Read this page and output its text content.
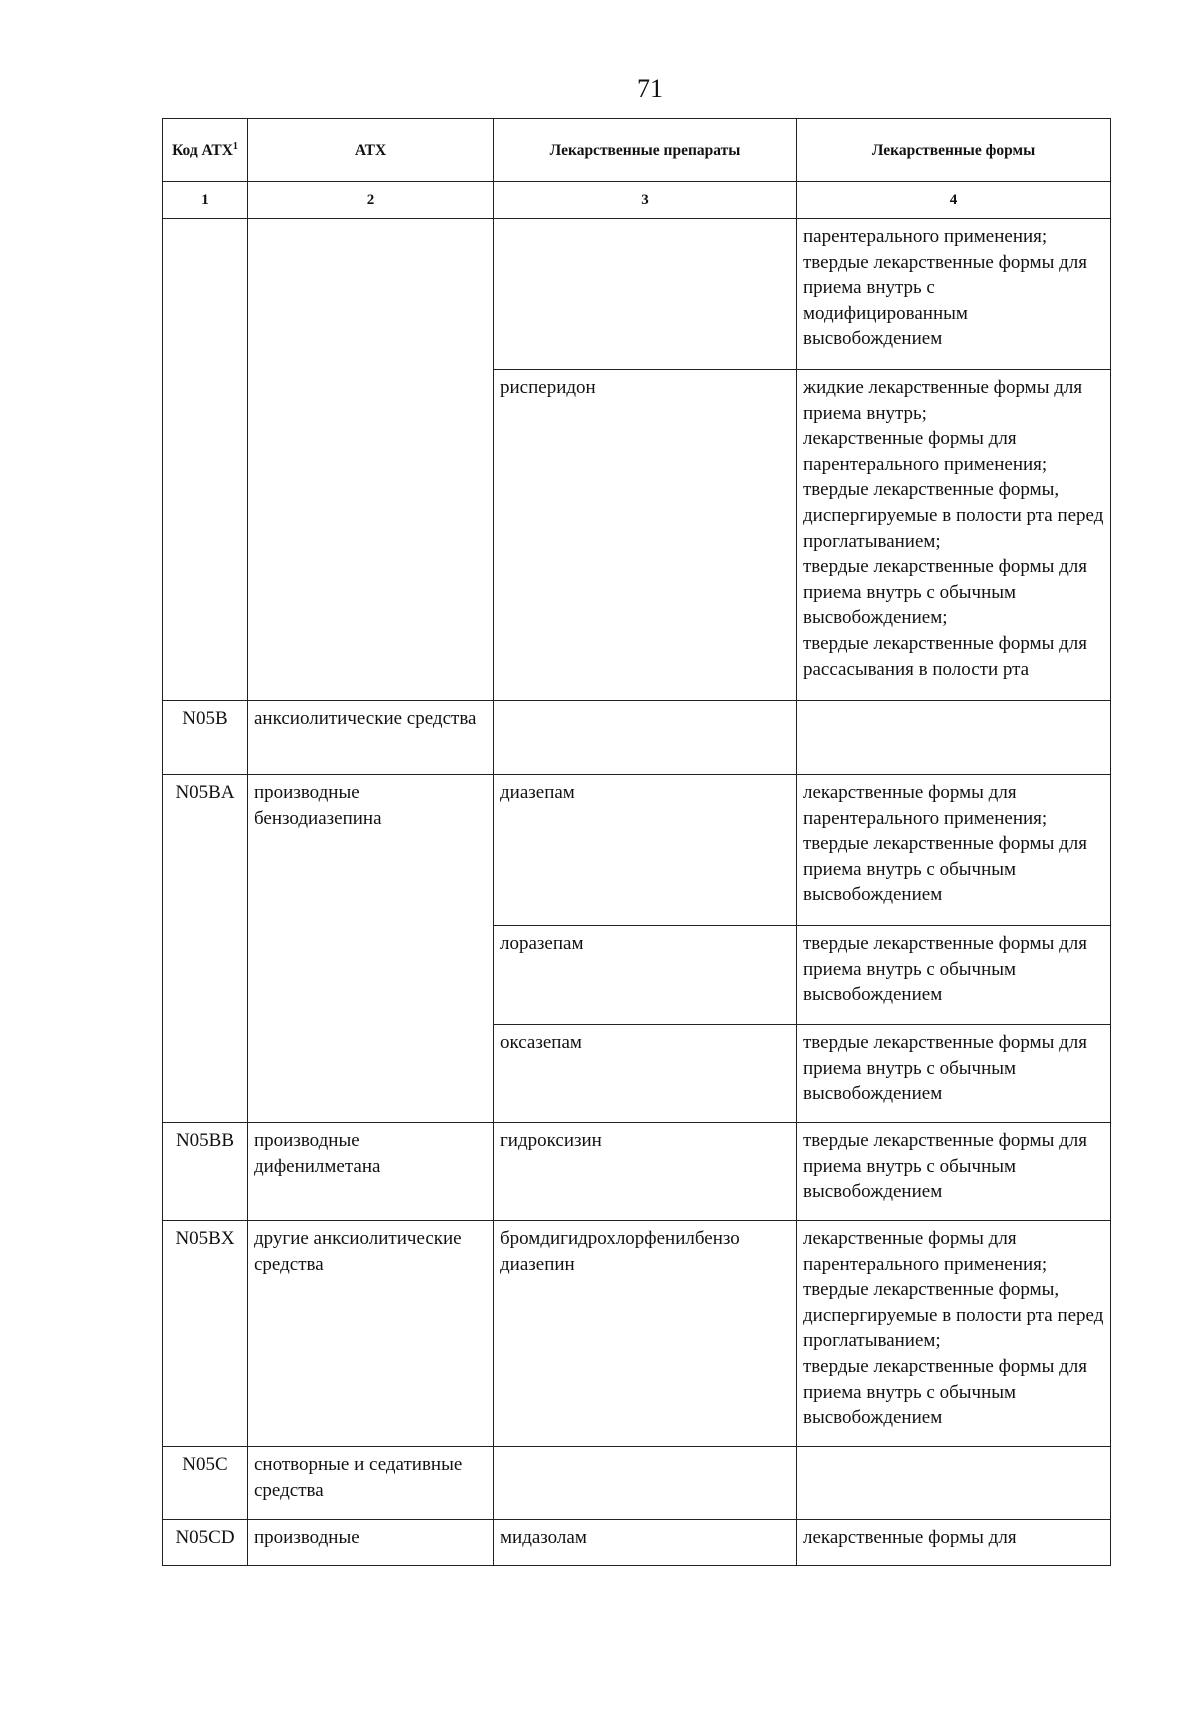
71
Код АТХ$^1$	АТХ	Лекарственные препараты	Лекарственные формы
1	2	3	4

			парентерального применения;
твердые лекарственные формы для приема внутрь с модифицированным высвобождением

		рисперидон	жидкие лекарственные формы для приема внутрь;
лекарственные формы для парентерального применения;
твердые лекарственные формы, диспергируемые в полости рта перед проглатыванием;
твердые лекарственные формы для приема внутрь с обычным высвобождением;
твердые лекарственные формы для рассасывания в полости рта

N05B	анксиолитические средства		
N05BA	производные бензодиазепина	диазепам	лекарственные формы для парентерального применения;
твердые лекарственные формы для приема внутрь с обычным высвобождением

		лоразепам	твердые лекарственные формы для приема внутрь с обычным высвобождением

		оксазепам	твердые лекарственные формы для приема внутрь с обычным высвобождением

N05BB	производные дифенилметана	гидроксизин	твердые лекарственные формы для приема внутрь с обычным высвобождением

N05BX	другие анксиолитические средства	бромдигидрохлорфенилбензо диазепин	лекарственные формы для парентерального применения;
твердые лекарственные формы, диспергируемые в полости рта перед проглатыванием;
твердые лекарственные формы для приема внутрь с обычным высвобождением

N05C	снотворные и седативные средства		
N05CD	производные	мидазолам	лекарственные формы для
